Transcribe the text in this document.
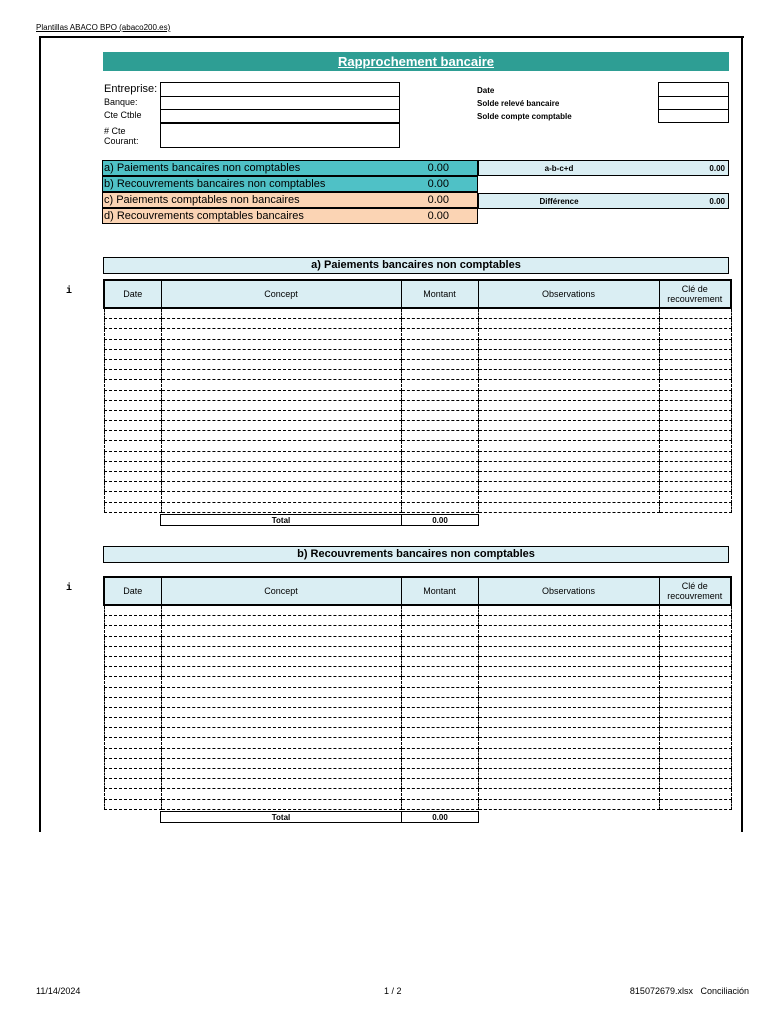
Plantillas ABACO BPO (abaco200.es)
Rapprochement bancaire
Entreprise:
Banque:
Cte Ctble
# Cte Courant:
Date
Solde relevé bancaire
Solde compte comptable
a) Paiements bancaires non comptables	0.00
b) Recouvrements bancaires non comptables	0.00
c) Paiements comptables non bancaires	0.00
d) Recouvrements comptables bancaires	0.00
a-b-c+d	0.00
Différence	0.00
a) Paiements bancaires non comptables
i	Date	Concept	Montant	Observations	Clé de recouvrement

Total	0.00
b) Recouvrements bancaires non comptables
i	Date	Concept	Montant	Observations	Clé de recouvrement

Total	0.00
11/14/2024	1 / 2	815072679.xlsx   Conciliación
